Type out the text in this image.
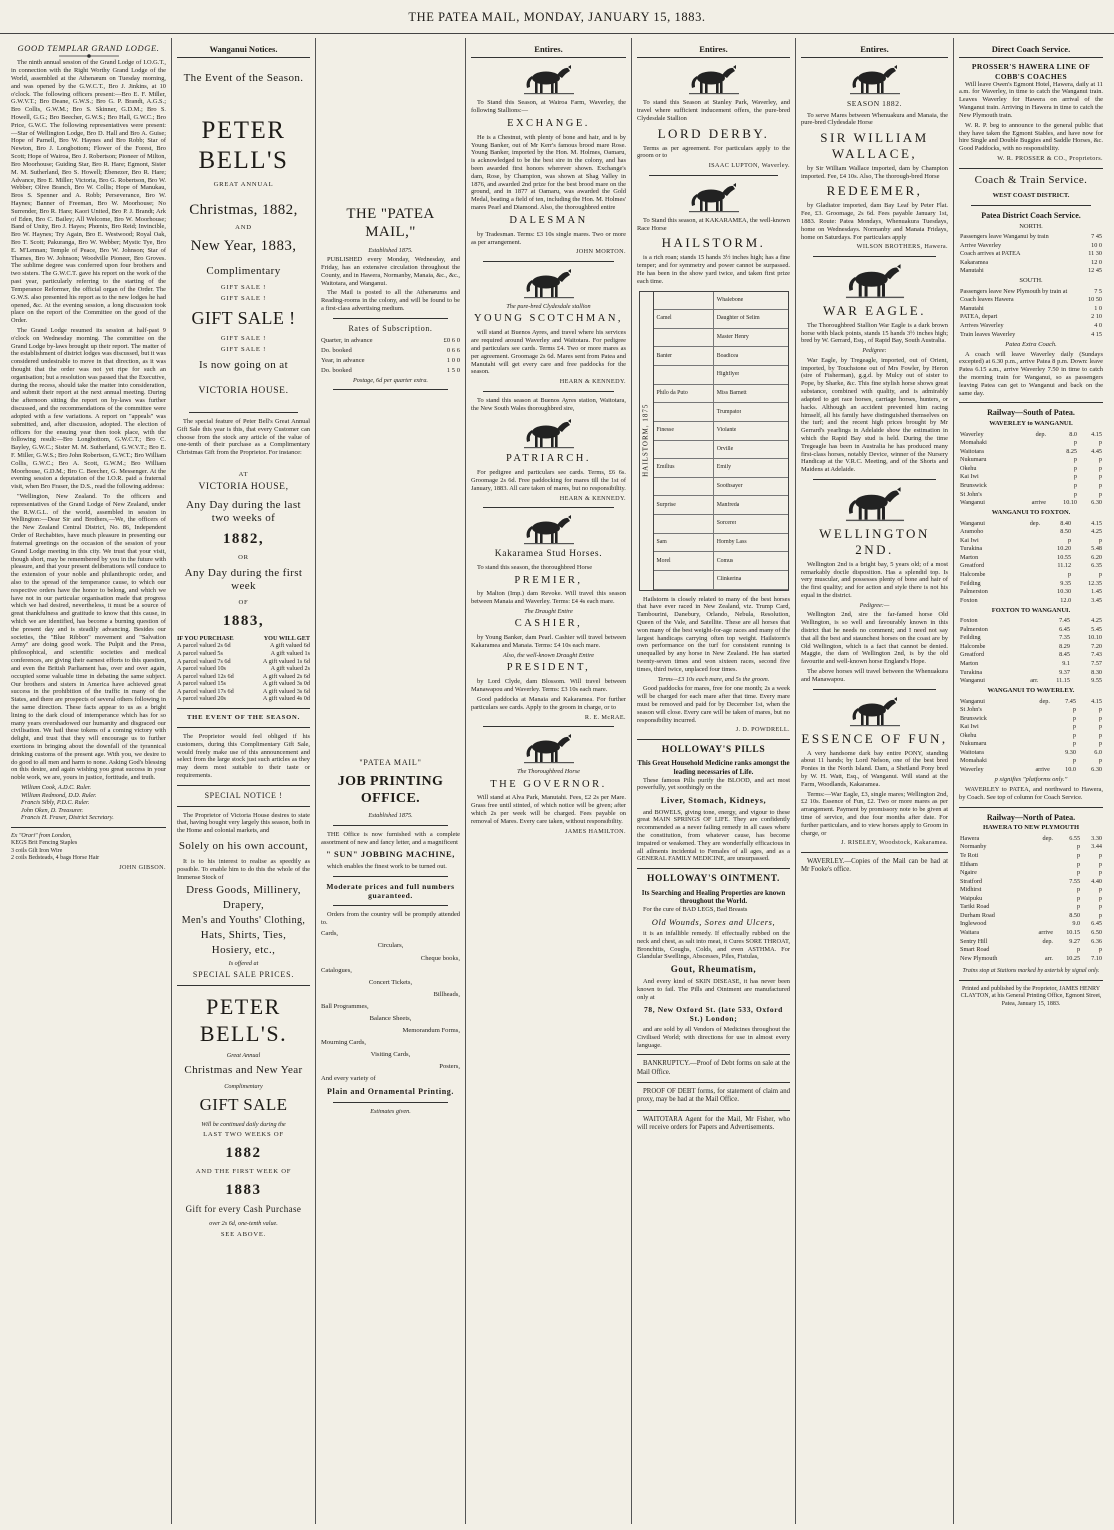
THE PATEA MAIL, MONDAY, JANUARY 15, 1883.
GOOD TEMPLAR GRAND LODGE.

The ninth annual session of the Grand Lodge of I.O.G.T., in connection with the Right Worthy Grand Lodge of the World, assembled at the Athenæum on Tuesday morning, and was opened by the G.W.C.T., Bro J. Jinkins, at 10 o'clock. The following officers present:—Bro E. F. Miller, G.W.V.T.; Bro Deane, G.W.S.; Bro G. P. Brandt, A.G.S.; Bro Collis, G.W.M.; Bro S. Skinner, G.D.M.; Bro S. Howell, G.G.; Bro Beecher, G.W.S.; Bro Hall, G.W.C.; Bro Price, G.W.C. The following representatives were present:—Star of Wellington Lodge, Bro D. Hall and Bro A. Guise; Hope of Parnell, Bro W. Haynes and Bro Robb; Star of Newton, Bro J. Longbottom; Flower of the Forest, Bro Scott; Hope of Wairoa, Bro J. Robertson; Pioneer of Milton, Bro Moorhouse; Guiding Star, Bro R. Hare; Egmont, Sister M. M. Sutherland, Bro S. Howell; Ebenezer, Bro R. Hare; Advance, Bro E. Miller; Victoria, Bro G. Robertson, Bro W. Webber; Olive Branch, Bro W. Collis; Hope of Manukau, Bros S. Spenner and A. Robb; Perseverance, Bro W. Haynes; Banner of Freeman, Bro W. Moorhouse; No Surrender, Bro R. Hare; Kaori United, Bro P. J. Brandt; Ark of Eden, Bro C. Bailey; All Welcome, Bro W. Moorhouse; Band of Unity, Bro J. Hayes; Phœnix, Bro Reid; Invincible, Bro W. Haynes; Try Again, Bro E. Westwood; Royal Oak, Bro T. Scott; Pakuranga, Bro W. Webber; Mystic Tye, Bro E. M'Lennan; Temple of Peace, Bro W. Johnson; Star of Thames, Bro W. Johnson; Woodville Pioneer, Bro Groves. The sublime degree was conferred upon four brothers and two sisters. The G.W.C.T. gave his report on the work of the past year, particularly referring to the starting of the Temperance Reformer, the official organ of the Order. The G.W.S. also presented his report as to the new lodges he had opened, &c. At the evening session, a long discussion took place on the report of the Committee on the good of the Order.

The Grand Lodge resumed its session at half-past 9 o'clock on Wednesday morning. The committee on the Grand Lodge by-laws brought up their report. The matter of the establishment of district lodges was discussed, but it was considered undesirable to move in that direction, as it was thought that the order was not yet ripe for such an organisation; but a resolution was passed that the Executive, during the recess, should take the matter into consideration, and submit their report at the next annual meeting. During the afternoon sitting the report on by-laws was further discussed, and the recommendations of the committee were adopted with a few variations. A report on "appeals" was submitted, and, after discussion, adopted. The election of officers for the ensuing year then took place, with the following result:—Bro Longbottom, G.W.C.T.; Bro C. Bayley, G.W.C.; Sister M. M. Sutherland, G.W.V.T.; Bro E. F. Miller, G.W.S.; Bro John Robertson, G.W.T.; Bro William Collis, G.W.C.; Bro A. Scott, G.W.M.; Bro William Moorhouse, G.D.M.; Bro C. Beecher, G. Messenger. At the evening session a deputation of the I.O.R. paid a fraternal visit, when Bro Fraser, the D.S., read the following address:

"Wellington, New Zealand. To the officers and representatives of the Grand Lodge of New Zealand, under the R.W.G.L. of the world, assembled in session in Wellington:—Dear Sir and Brothers,—We, the officers of the New Zealand Central District, No. 86, Independent Order of Rechabites, have much pleasure in presenting our fraternal greetings on the occasion of the session of your Grand Lodge meeting in this city. We trust that your visit, though short, may be remembered by you in the future with pleasure, and that your present deliberations will conduce to the extension of your noble and philanthropic order, and also to the spread of the temperance cause, to which our respective orders have the honor to belong, and which we have not in our particular organisation made that progress which we had desired, nevertheless, it must be a source of great thankfulness and gratitude to know that this cause, in which we are identified, has become a burning question of the present day and is steadily advancing. Besides our societies, the "Blue Ribbon" movement and "Salvation Army" are doing good work. The Pulpit and the Press, philosophical, and scientific societies and medical conferences, are giving their earnest efforts to this question, and even the British Parliament has, over and over again, occupied some valuable time in debating the same subject. Our brothers and sisters in America have achieved great success in the prohibition of the traffic in many of the States, and there are prospects of several others following in the same direction. These facts appear to us as a bright lining to the dark cloud of intemperance which has for so many years overshadowed our humanity and disgraced our civilisation. We hail these tokens of a coming victory with delight, and trust that they will encourage us to further exertions in bringing about the downfall of the tyrannical drinking customs of the present age. With you, we desire to do good to all men and harm to none. Asking God's blessing on this desire, and again wishing you great success in your noble work, we are, yours in justice, fortitude, and truth.

William Cook, A.D.C. Ruler.
William Redmond, D.D. Ruler.
Francis Sibly, P.D.C. Ruler.
John Oken, D. Treasurer.
Francis H. Fraser, District Secretary.
Ex "Orari" from London,
KEGS Brit Fencing Staples
3 coils Gilt Iron Wire
2 coils Bedsteads, 4 bags Horse Hair
JOHN GIBSON.
Wanganui Notices.
The Event of the Season.
PETER BELL'S
GREAT ANNUAL
Christmas, 1882,
AND
New Year, 1883,
Complimentary
GIFT SALE !
GIFT SALE !
GIFT SALE !
GIFT SALE !
GIFT SALE !
Is now going on at
VICTORIA HOUSE.

The special feature of Peter Bell's Great Annual Gift Sale this year is this, that every Customer can choose from the stock any article of the value of one-tenth of their purchase as a Complimentary Christmas Gift from the Proprietor. For instance:

AT
VICTORIA HOUSE,
Any Day during the last two weeks of
1882,
OR
Any Day during the first week
OF
1883,
IF YOU PURCHASE	YOU WILL GET
A parcel valued 2s 6d	A gift valued 6d
A parcel valued 5s	A gift valued 1s
A parcel valued 7s 6d	A gift valued 1s 6d
A parcel valued 10s	A gift valued 2s
A parcel valued 12s 6d	A gift valued 2s 6d
A parcel valued 15s	A gift valued 3s 0d
A parcel valued 17s 6d	A gift valued 3s 6d
A parcel valued 20s	A gift valued 4s 0d
THE EVENT OF THE SEASON.

The Proprietor would feel obliged if his customers, during this Complimentary Gift Sale, would freely make use of this announcement and select from the large stock just such articles as they may deem most suitable to their taste or requirements.

SPECIAL NOTICE !

The Proprietor of Victoria House desires to state that, having bought very largely this season, both in the Home and colonial markets, and

Solely on his own account,

It is to his interest to realise as speedily as possible. To enable him to do this the whole of the Immense Stock of

Dress Goods, Millinery,
Drapery,
Men's and Youths' Clothing,
Hats, Shirts, Ties,
Hosiery, etc.,
Is offered at
SPECIAL SALE PRICES.
PETER BELL'S.
Great Annual
Christmas and New Year
Complimentary
GIFT SALE
Will be continued daily during the
LAST TWO WEEKS OF
1882
AND THE FIRST WEEK OF
1883
Gift for every Cash Purchase
over 2s 6d, one-tenth value.
SEE ABOVE.
THE "PATEA MAIL,"
Established 1875.

PUBLISHED every Monday, Wednesday, and Friday, has an extensive circulation throughout the County, and in Hawera, Normanby, Manaia, &c., &c., Waitotara, and Wanganui.

The Mail is posted to all the Athenæums and Reading-rooms in the colony, and will be found to be a first-class advertising medium.

Rates of Subscription.
Quarter, in advance	£0 6 0
Do. booked	0 6 6
Year, in advance	1 0 0
Do. booked	1 5 0
Postage, 6d per quarter extra.
"PATEA MAIL"
JOB PRINTING OFFICE.
Established 1875.

THE Office is now furnished with a complete assortment of new and fancy letter, and a magnificent

" SUN" JOBBING MACHINE,

which enables the finest work to be turned out.

Moderate prices and full numbers guaranteed.

Orders from the country will be promptly attended to.

Cards,
Circulars,
Cheque books,
Catalogues,
Concert Tickets,
Billheads,
Ball Programmes,
Balance Sheets,
Memorandum Forms,
Mourning Cards,
Visiting Cards,
Posters,
And every variety of
Plain and Ornamental Printing.
Estimates given.
Entires.

To Stand this Season, at Wairoa Farm, Waverley, the following Stallions:—

EXCHANGE.

He is a Chestnut, with plenty of bone and hair, and is by Young Banker, out of Mr Kerr's famous brood mare Rose. Young Banker, imported by the Hon. M. Holmes, Oamaru, is acknowledged to be the best sire in the colony, and has been awarded first honors wherever shown. Exchange's dam, Rose, by Champion, was shown at Shag Valley in 1876, and awarded 2nd prize for the best brood mare on the ground, and in 1877 at Oamaru, was awarded the Gold Medal, beating a field of ten, including the Hon. M. Holmes' mares Pearl and Diamond. Also, the thoroughbred entire

DALESMAN

by Tradesman. Terms: £3 10s single mares. Two or more as per arrangement.

JOHN MORTON.
The pure-bred Clydesdale stallion
YOUNG SCOTCHMAN,

will stand at Buenos Ayres, and travel where his services are required around Waverley and Waitotara. For pedigree and particulars see cards. Terms £4. Two or more mares as per agreement. Groomage 2s 6d. Mares sent from Patea and Manutahi will get every care and free paddocks for the season.

HEARN & KENNEDY.

To stand this season at Buenos Ayres station, Waitotara, the New South Wales thoroughbred sire,

PATRIARCH.

For pedigree and particulars see cards. Terms, £6 6s. Groomage 2s 6d. Free paddocking for mares till the 1st of January, 1883. All care taken of mares, but no responsibility.

HEARN & KENNEDY.
Kakaramea Stud Horses.

To stand this season, the thoroughbred Horse

PREMIER,

by Malton (Imp.) dam Revoke. Will travel this season between Manaia and Waverley. Terms: £4 4s each mare.

The Draught Entire
CASHIER,

by Young Banker, dam Pearl. Cashier will travel between Kakaramea and Manaia. Terms: £4 10s each mare.

Also, the well-known Draught Entire
PRESIDENT,

by Lord Clyde, dam Blossom. Will travel between Manawapou and Waverley. Terms: £3 10s each mare.

Good paddocks at Manaia and Kakaramea. For further particulars see cards. Apply to the groom in charge, or to

R. E. McRAE.
The Thoroughbred Horse
THE GOVERNOR.

Will stand at Alva Park, Manutahi. Fees, £2 2s per Mare. Grass free until stinted, of which notice will be given; after which 2s per week will be charged. Fees payable on removal of Mares. Every care taken, without responsibility.

JAMES HAMILTON.
Entires.

To stand this Season at Stanley Park, Waverley, and travel where sufficient inducement offers, the pure-bred Clydesdale Stallion

LORD DERBY.

Terms as per agreement. For particulars apply to the groom or to

ISAAC LUPTON, Waverley.

To Stand this season, at KAKARAMEA, the well-known Race Horse

HAILSTORM.

is a rich roan; stands 15 hands 3½ inches high; has a fine temper; and for symmetry and power cannot be surpassed. He has been in the show yard twice, and taken first prize each time.

HAILSTORM, 1875
Whalebone
Camel	Daughter of Selim
Master Henry
Banter	Boadicea
Highflyer
Philo da Puto	Miss Barnett
Trumpator
Finesse	Violante
Orville
Emilius	Emily
Soothsayer
Surprise	Manfreda
Sorcerer
Sam	Hornby Lass
Morel	Comus
Clinkerina

Hailstorm is closely related to many of the best horses that have ever raced in New Zealand, viz. Trump Card, Tambourini, Danebury, Orlando, Nebula, Resolution, Queen of the Vale, and Satellite. These are all horses that won many of the best weight-for-age races and many of the largest handicaps carrying often top weight. Hailstorm's own performance on the turf for consistent running is unequalled by any horse in New Zealand. He has started twenty-seven times and won sixteen races, second five times, third twice, unplaced four times.

Terms—£3 10s each mare, and 5s the groom.

Good paddocks for mares, free for one month; 2s a week will be charged for each mare after that time. Every mare must be removed and paid for by December 1st, when the season will close. Every care will be taken of mares, but no responsibility incurred.

J. D. POWDRELL.
HOLLOWAY'S PILLS
This Great Household Medicine ranks amongst the leading necessaries of Life.

These famous Pills purify the BLOOD, and act most powerfully, yet soothingly on the

Liver, Stomach, Kidneys,

and BOWELS, giving tone, energy, and vigour to these great MAIN SPRINGS OF LIFE. They are confidently recommended as a never failing remedy in all cases where the constitution, from whatever cause, has become impaired or weakened. They are wonderfully efficacious in all ailments incidental to Females of all ages, and as a GENERAL FAMILY MEDICINE, are unsurpassed.

HOLLOWAY'S OINTMENT.
Its Searching and Healing Properties are known throughout the World.

For the cure of BAD LEGS, Bad Breasts

Old Wounds, Sores and Ulcers,

it is an infallible remedy. If effectually rubbed on the neck and chest, as salt into meat, it Cures SORE THROAT, Bronchitis, Coughs, Colds, and even ASTHMA. For Glandular Swellings, Abscesses, Piles, Fistulas,

Gout, Rheumatism,

And every kind of SKIN DISEASE, it has never been known to fail. The Pills and Ointment are manufactured only at

78, New Oxford St. (late 533, Oxford St.) London;

and are sold by all Vendors of Medicines throughout the Civilised World; with directions for use in almost every language.

BANKRUPTCY.—Proof of Debt forms on sale at the Mail Office.

PROOF OF DEBT forms, for statement of claim and proxy, may be had at the Mail Office.

WAITOTARA Agent for the Mail, Mr Fisher, who will receive orders for Papers and Advertisements.

Entires.
SEASON 1882.

To serve Mares between Whenuakura and Manaia, the pure-bred Clydesdale Horse

SIR WILLIAM WALLACE,

by Sir William Wallace imported, dam by Champion imported. Fee, £4 10s. Also, The thorough-bred Horse

REDEEMER,

by Gladiator imported, dam Bay Leaf by Peter Flat. Fee, £3. Groomage, 2s 6d. Fees payable January 1st, 1883. Route: Patea Mondays, Whenuakura Tuesdays, home on Wednesdays. Normanby and Manaia Fridays, home on Saturdays. For particulars apply

WILSON BROTHERS, Hawera.
WAR EAGLE.

The Thoroughbred Stallion War Eagle is a dark brown horse with black points, stands 15 hands 3½ inches high; bred by W. Gerrard, Esq., of Rapid Bay, South Australia.

Pedigree:

War Eagle, by Tregeagle, imported, out of Orient, imported, by Touchstone out of Mrs Fowler, by Heron (sire of Fisherman), g.g.d. by Mulcy out of sister to Pope, by Sharke, &c. This fine stylish horse shows great substance, combined with quality, and is admirably adapted to get race horses, carriage horses, hunters, or hacks. Although an accident prevented him racing himself, all his family have distinguished themselves on the turf; and the recent high prices brought by Mr Gerrard's yearlings in Adelaide show the estimation in which the Rapid Bay stud is held. During the time Tregeagle has been in Australia he has produced many first-class horses, notably Device, winner of the Nursery Handicap at the V.R.C. Meeting, and of the Shorts and Maidens at Adelaide.

WELLINGTON 2ND.

Wellington 2nd is a bright bay, 5 years old; of a most remarkably docile disposition. Has a splendid top. Is very muscular, and possesses plenty of bone and hair of the first quality; and for action and style there is not his equal in the district.

Pedigree:—

Wellington 2nd, sire the far-famed horse Old Wellington, is so well and favourably known in this district that he needs no comment; and I need not say that all the best and staunchest horses on the coast are by Old Wellington, which is a fact that cannot be denied. Maggie, the dam of Wellington 2nd, is by the old favourite and well-known horse England's Hope.

The above horses will travel between the Whenuakura and Manawapou.

ESSENCE OF FUN,

A very handsome dark bay entire PONY, standing about 11 hands; by Lord Nelson, one of the best bred Ponies in the North Island. Dam, a Shetland Pony bred by W. H. Watt, Esq., of Wanganui. Will stand at the Farm, Woodlands, Kakaramea.

Terms:—War Eagle, £3, single mares; Wellington 2nd, £2 10s. Essence of Fun, £2. Two or more mares as per arrangement. Payment by promissory note to be given at time of service, and due four months after date. For further particulars, and to view horses apply to Groom in charge, or

J. RISELEY, Woodstock, Kakaramea.

WAVERLEY.—Copies of the Mail can be had at Mr Fooke's office.

Direct Coach Service.
PROSSER'S HAWERA LINE OF COBB'S COACHES

Will leave Owen's Egmont Hotel, Hawera, daily at 11 a.m. for Waverley, in time to catch the Wanganui train. Leaves Waverley for Hawera on arrival of the Wanganui train. Arriving in Hawera in time to catch the New Plymouth train.

W. R. P. beg to announce to the general public that they have taken the Egmont Stables, and have now for hire Single and Double Buggies and Saddle Horses, &c. Good Paddocks, with no responsibility.

W. R. PROSSER & CO., Proprietors.
Coach & Train Service.
WEST COAST DISTRICT.
Patea District Coach Service.
NORTH.
Passengers leave Wanganui by train	7 45
Arrive Waverley	10 0
Coach arrives at PATEA	11 30
Kakaramea	12 0
Manutahi	12 45
SOUTH.
Passengers leave New Plymouth by train at	7 5
Coach leaves Hawera	10 50
Manutahi	1 0
PATEA, depart	2 10
Arrives Waverley	4 0
Train leaves Waverley	4 15
Patea Extra Coach.

A coach will leave Waverley daily (Sundays excepted) at 6.30 p.m., arrive Patea 8 p.m. Down: leave Patea 6.15 a.m., arrive Waverley 7.50 in time to catch the morning train for Wanganui, so as passengers leaving Patea can get to Wanganui and back on the same day.

Railway—South of Patea.
WAVERLEY to WANGANUI.
Waverley	dep.	8.0	4.15
Momahaki		p	p
Waitotara		8.25	4.45
Nukumaru		p	p
Okehu		p	p
Kai Iwi		p	p
Brunswick		p	p
St John's		p	p
Wanganui	arrive	10.10	6.30
WANGANUI TO FOXTON.
Wanganui	dep.	8.40	4.15
Aramoho		8.50	4.25
Kai Iwi		p	p
Turakina		10.20	5.48
Marton		10.55	6.20
Greatford		11.12	6.35
Halcombe		p	p
Feilding		9.35	12.35
Palmerston		10.30	1.45
Foxton		12.0	3.45
FOXTON TO WANGANUI.
Foxton		7.45	4.25
Palmerston		6.45	5.45
Feilding		7.35	10.10
Halcombe		8.29	7.20
Greatford		8.45	7.43
Marton		9.1	7.57
Turakina		9.37	8.30
Wanganui	arr.	11.15	9.55
WANGANUI TO WAVERLEY.
Wanganui	dep.	7.45	4.15
St John's		p	p
Brunswick		p	p
Kai Iwi		p	p
Okehu		p	p
Nukumaru		p	p
Waitotara		9.30	6.0
Momahaki		p	p
Waverley	arrive	10.0	6.30
p signifies "platforms only."

WAVERLEY to PATEA, and northward to Hawera, by Coach. See top of column for Coach Service.

Railway—North of Patea.
HAWERA TO NEW PLYMOUTH
Hawera	dep.	6.55	3.30
Normanby		p	3.44
Te Roti		p	p
Eltham		p	p
Ngaire		p	p
Stratford		7.55	4.40
Midhirst		p	p
Waipuku		p	p
Tariki Road		p	p
Durham Road		8.50	p
Inglewood		9.0	6.45
Waitara	arrive	10.15	6.50
Sentry Hill	dep.	9.27	6.36
Smart Road		p	p
New Plymouth	arr.	10.25	7.10
Trains stop at Stations marked by asterisk by signal only.
Printed and published by the Proprietor, JAMES HENRY CLAYTON, at his General Printing Office, Egmont Street, Patea, January 15, 1883.
